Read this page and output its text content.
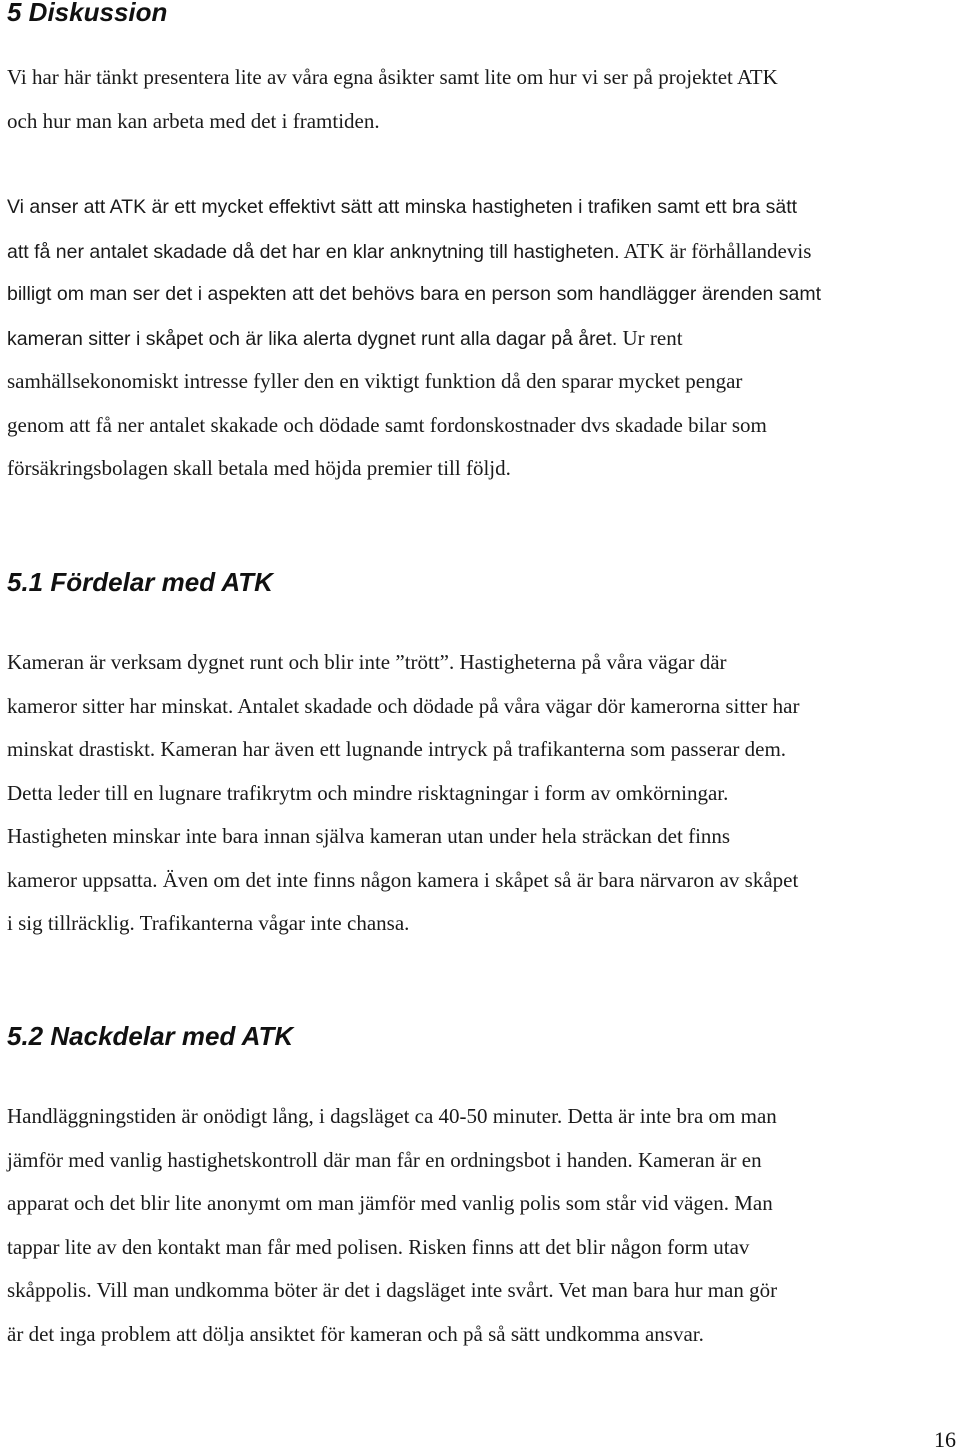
5 Diskussion
Vi har här tänkt presentera lite av våra egna åsikter samt lite om hur vi ser på projektet ATK
och hur man kan arbeta med det i framtiden.
Vi anser att ATK är ett mycket effektivt sätt att minska hastigheten i trafiken samt ett bra sätt
att få ner antalet skadade då det har en klar anknytning till hastigheten. ATK är förhållandevis
billigt om man ser det i aspekten att det behövs bara en person som handlägger ärenden samt
kameran sitter i skåpet och är lika alerta dygnet runt alla dagar på året. Ur rent
samhällsekonomiskt intresse fyller den en viktigt funktion då den sparar mycket pengar
genom att få ner antalet skakade och dödade samt fordonskostnader dvs skadade bilar som
försäkringsbolagen skall betala med höjda premier till följd.
5.1 Fördelar med ATK
Kameran är verksam dygnet runt och blir inte ”trött”. Hastigheterna på våra vägar där
kameror sitter har minskat. Antalet skadade och dödade på våra vägar dör kamerorna sitter har
minskat drastiskt. Kameran har även ett lugnande intryck på trafikanterna som passerar dem.
Detta leder till en lugnare trafikrytm och mindre risktagningar i form av omkörningar.
Hastigheten minskar inte bara innan själva kameran utan under hela sträckan det finns
kameror uppsatta. Även om det inte finns någon kamera i skåpet så är bara närvaron av skåpet
i sig tillräcklig. Trafikanterna vågar inte chansa.
5.2 Nackdelar med ATK
Handläggningstiden är onödigt lång, i dagsläget ca 40-50 minuter. Detta är inte bra om man
jämför med vanlig hastighetskontroll där man får en ordningsbot i handen. Kameran är en
apparat och det blir lite anonymt om man jämför med vanlig polis som står vid vägen. Man
tappar lite av den kontakt man får med polisen. Risken finns att det blir någon form utav
skåppolis. Vill man undkomma böter är det i dagsläget inte svårt. Vet man bara hur man gör
är det inga problem att dölja ansiktet för kameran och på så sätt undkomma ansvar.
16
